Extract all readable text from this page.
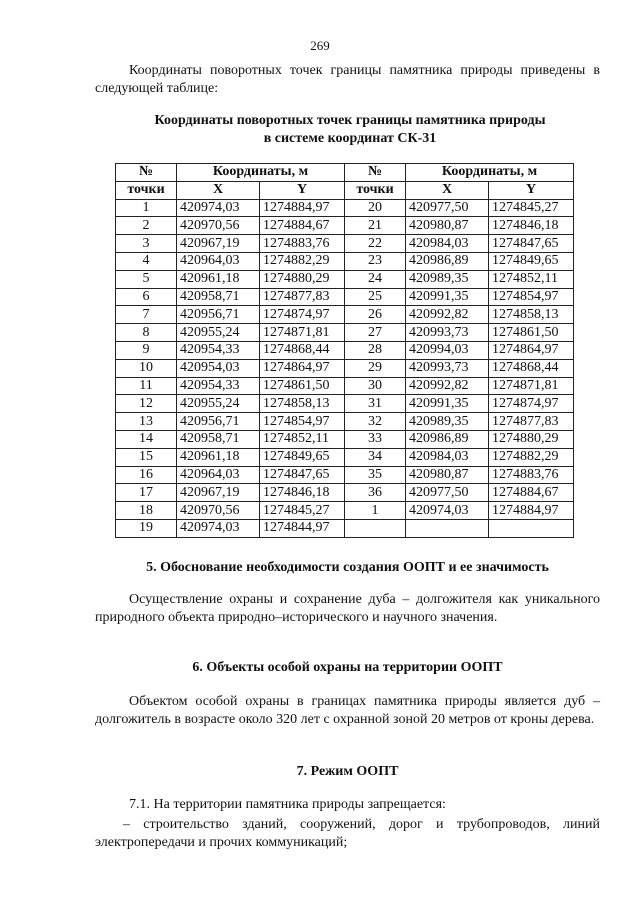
269
Координаты поворотных точек границы памятника природы приведены в следующей таблице:
Координаты поворотных точек границы памятника природы
в системе координат СК-31
№	Координаты, м		№	Координаты, м	
точки	X	Y	точки	X	Y
1	420974,03	1274884,97	20	420977,50	1274845,27
2	420970,56	1274884,67	21	420980,87	1274846,18
3	420967,19	1274883,76	22	420984,03	1274847,65
4	420964,03	1274882,29	23	420986,89	1274849,65
5	420961,18	1274880,29	24	420989,35	1274852,11
6	420958,71	1274877,83	25	420991,35	1274854,97
7	420956,71	1274874,97	26	420992,82	1274858,13
8	420955,24	1274871,81	27	420993,73	1274861,50
9	420954,33	1274868,44	28	420994,03	1274864,97
10	420954,03	1274864,97	29	420993,73	1274868,44
11	420954,33	1274861,50	30	420992,82	1274871,81
12	420955,24	1274858,13	31	420991,35	1274874,97
13	420956,71	1274854,97	32	420989,35	1274877,83
14	420958,71	1274852,11	33	420986,89	1274880,29
15	420961,18	1274849,65	34	420984,03	1274882,29
16	420964,03	1274847,65	35	420980,87	1274883,76
17	420967,19	1274846,18	36	420977,50	1274884,67
18	420970,56	1274845,27	1	420974,03	1274884,97
19	420974,03	1274844,97			
5. Обоснование необходимости создания ООПТ и ее значимость
Осуществление охраны и сохранение дуба – долгожителя как уникального природного объекта природно–исторического и научного значения.
6. Объекты особой охраны на территории ООПТ
Объектом особой охраны в границах памятника природы является дуб – долгожитель в возрасте около 320 лет с охранной зоной 20 метров от кроны дерева.
7. Режим ООПТ
7.1. На территории памятника природы запрещается:
– строительство зданий, сооружений, дорог и трубопроводов, линий электропередачи и прочих коммуникаций;
